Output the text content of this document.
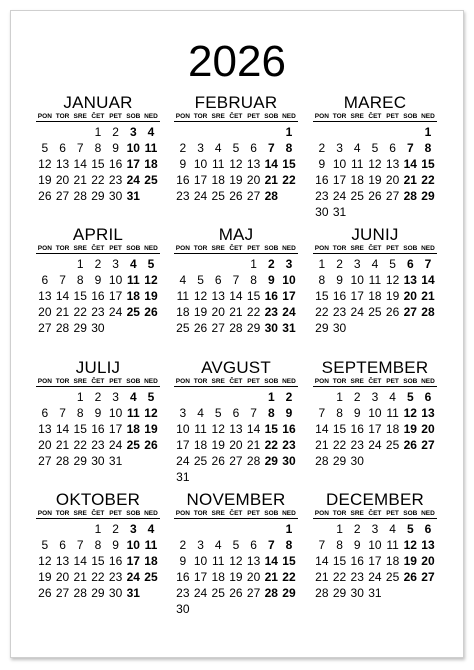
2026
JANUAR
PON TOR SRE ČET PET SOB NED
1 2 3 4
5 6 7 8 9 10 11
12 13 14 15 16 17 18
19 20 21 22 23 24 25
26 27 28 29 30 31
FEBRUAR
PON TOR SRE ČET PET SOB NED
1
2 3 4 5 6 7 8
9 10 11 12 13 14 15
16 17 18 19 20 21 22
23 24 25 26 27 28
MAREC
PON TOR SRE ČET PET SOB NED
1
2 3 4 5 6 7 8
9 10 11 12 13 14 15
16 17 18 19 20 21 22
23 24 25 26 27 28 29
30 31
APRIL
PON TOR SRE ČET PET SOB NED
1 2 3 4 5
6 7 8 9 10 11 12
13 14 15 16 17 18 19
20 21 22 23 24 25 26
27 28 29 30
MAJ
PON TOR SRE ČET PET SOB NED
1 2 3
4 5 6 7 8 9 10
11 12 13 14 15 16 17
18 19 20 21 22 23 24
25 26 27 28 29 30 31
JUNIJ
PON TOR SRE ČET PET SOB NED
1 2 3 4 5 6 7
8 9 10 11 12 13 14
15 16 17 18 19 20 21
22 23 24 25 26 27 28
29 30
JULIJ
PON TOR SRE ČET PET SOB NED
1 2 3 4 5
6 7 8 9 10 11 12
13 14 15 16 17 18 19
20 21 22 23 24 25 26
27 28 29 30 31
AVGUST
PON TOR SRE ČET PET SOB NED
1 2
3 4 5 6 7 8 9
10 11 12 13 14 15 16
17 18 19 20 21 22 23
24 25 26 27 28 29 30
31
SEPTEMBER
PON TOR SRE ČET PET SOB NED
1 2 3 4 5 6
7 8 9 10 11 12 13
14 15 16 17 18 19 20
21 22 23 24 25 26 27
28 29 30
OKTOBER
PON TOR SRE ČET PET SOB NED
1 2 3 4
5 6 7 8 9 10 11
12 13 14 15 16 17 18
19 20 21 22 23 24 25
26 27 28 29 30 31
NOVEMBER
PON TOR SRE ČET PET SOB NED
1
2 3 4 5 6 7 8
9 10 11 12 13 14 15
16 17 18 19 20 21 22
23 24 25 26 27 28 29
30
DECEMBER
PON TOR SRE ČET PET SOB NED
1 2 3 4 5 6
7 8 9 10 11 12 13
14 15 16 17 18 19 20
21 22 23 24 25 26 27
28 29 30 31
